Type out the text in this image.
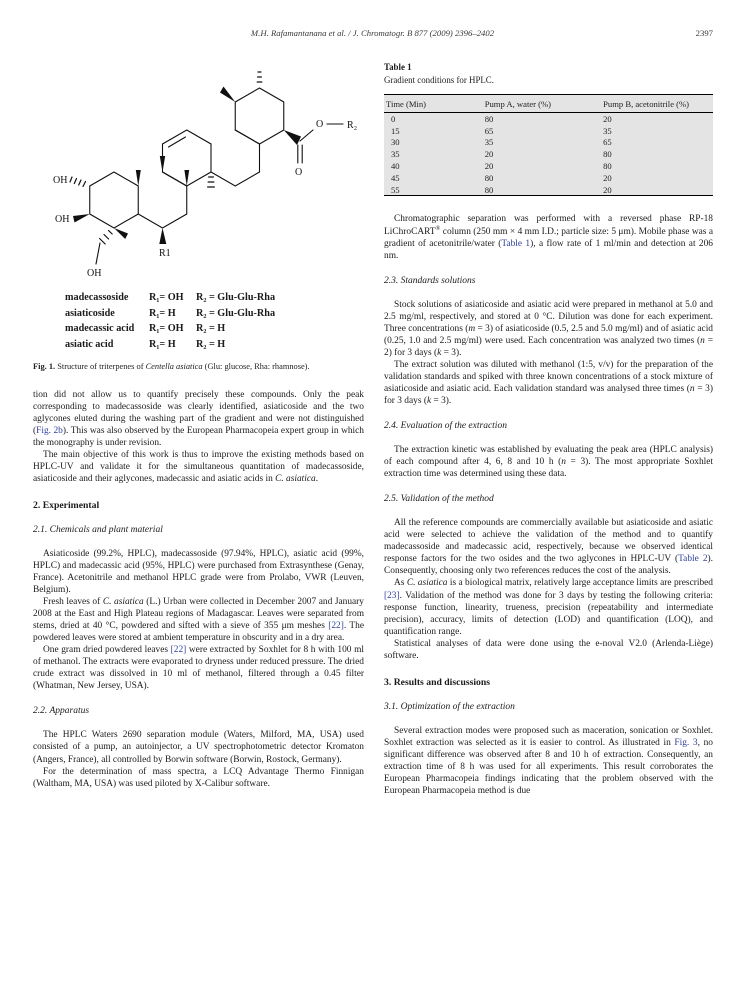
M.H. Rafamantanana et al. / J. Chromatogr. B 877 (2009) 2396–2402	2397
OH
OH
OH
R1
O R₂
O
madecassoside	R₁= OH	R₂ = Glu-Glu-Rha
asiaticoside	R₁= H	R₂ = Glu-Glu-Rha
madecassic acid	R₁= OH	R₂ = H
asiatic acid	R₁= H	R₂ = H
Fig. 1. Structure of triterpenes of Centella asiatica (Glu: glucose, Rha: rhamnose).

tion did not allow us to quantify precisely these compounds. Only the peak corresponding to madecassoside was clearly identified, asiaticoside and the two aglycones eluted during the washing part of the gradient and were not distinguished (Fig. 2b). This was also observed by the European Pharmacopeia expert group in which the monography is under revision.

The main objective of this work is thus to improve the existing methods based on HPLC-UV and validate it for the simultaneous quantitation of madecassoside, asiaticoside and their aglycones, madecassic and asiatic acids in C. asiatica.

2. Experimental
2.1. Chemicals and plant material

Asiaticoside (99.2%, HPLC), madecassoside (97.94%, HPLC), asiatic acid (99%, HPLC) and madecassic acid (95%, HPLC) were purchased from Extrasynthese (Genay, France). Acetonitrile and methanol HPLC grade were from Prolabo, VWR (Leuven, Belgium).

Fresh leaves of C. asiatica (L.) Urban were collected in December 2007 and January 2008 at the East and High Plateau regions of Madagascar. Leaves were separated from stems, dried at 40 °C, powdered and sifted with a sieve of 355 μm meshes [22]. The powdered leaves were stored at ambient temperature in obscurity and in a dry area.

One gram dried powdered leaves [22] were extracted by Soxhlet for 8 h with 100 ml of methanol. The extracts were evaporated to dryness under reduced pressure. The dried crude extract was dissolved in 10 ml of methanol, filtered through a 0.45 filter (Whatman, New Jersey, USA).

2.2. Apparatus

The HPLC Waters 2690 separation module (Waters, Milford, MA, USA) used consisted of a pump, an autoinjector, a UV spectrophotometric detector Kromaton (Angers, France), all controlled by Borwin software (Borwin, Rostock, Germany).

For the determination of mass spectra, a LCQ Advantage Thermo Finnigan (Waltham, MA, USA) was used piloted by X-Calibur software.

Table 1
Gradient conditions for HPLC.
Time (Min)	Pump A, water (%)	Pump B, acetonitrile (%)
0	80	20
15	65	35
30	35	65
35	20	80
40	20	80
45	80	20
55	80	20

Chromatographic separation was performed with a reversed phase RP-18 LiChroCART® column (250 mm × 4 mm I.D.; particle size: 5 μm). Mobile phase was a gradient of acetonitrile/water (Table 1), a flow rate of 1 ml/min and detection at 206 nm.

2.3. Standards solutions

Stock solutions of asiaticoside and asiatic acid were prepared in methanol at 5.0 and 2.5 mg/ml, respectively, and stored at 0 °C. Dilution was done for each experiment. Three concentrations (m = 3) of asiaticoside (0.5, 2.5 and 5.0 mg/ml) and of asiatic acid (0.25, 1.0 and 2.5 mg/ml) were used. Each concentration was analyzed two times (n = 2) for 3 days (k = 3).

The extract solution was diluted with methanol (1:5, v/v) for the preparation of the validation standards and spiked with three known concentrations of a stock mixture of asiaticoside and asiatic acid. Each validation standard was analysed three times (n = 3) for 3 days (k = 3).

2.4. Evaluation of the extraction

The extraction kinetic was established by evaluating the peak area (HPLC analysis) of each compound after 4, 6, 8 and 10 h (n = 3). The most appropriate Soxhlet extraction time was determined using these data.

2.5. Validation of the method

All the reference compounds are commercially available but asiaticoside and asiatic acid were selected to achieve the validation of the method and to quantify madecassoside and madecassic acid, respectively, because we observed identical response factors for the two osides and the two aglycones in HPLC-UV (Table 2). Consequently, choosing only two references reduces the cost of the analysis.

As C. asiatica is a biological matrix, relatively large acceptance limits are prescribed [23]. Validation of the method was done for 3 days by testing the following criteria: response function, linearity, trueness, precision (repeatability and intermediate precision), accuracy, limits of detection (LOD) and quantification (LOQ), and quantification range.

Statistical analyses of data were done using the e-noval V2.0 (Arlenda-Liège) software.

3. Results and discussions
3.1. Optimization of the extraction

Several extraction modes were proposed such as maceration, sonication or Soxhlet. Soxhlet extraction was selected as it is easier to control. As illustrated in Fig. 3, no significant difference was observed after 8 and 10 h of extraction. Consequently, an extraction time of 8 h was used for all experiments. This result corroborates the European Pharmacopeia findings indicating that the problem observed with the European Pharmacopeia method is due
